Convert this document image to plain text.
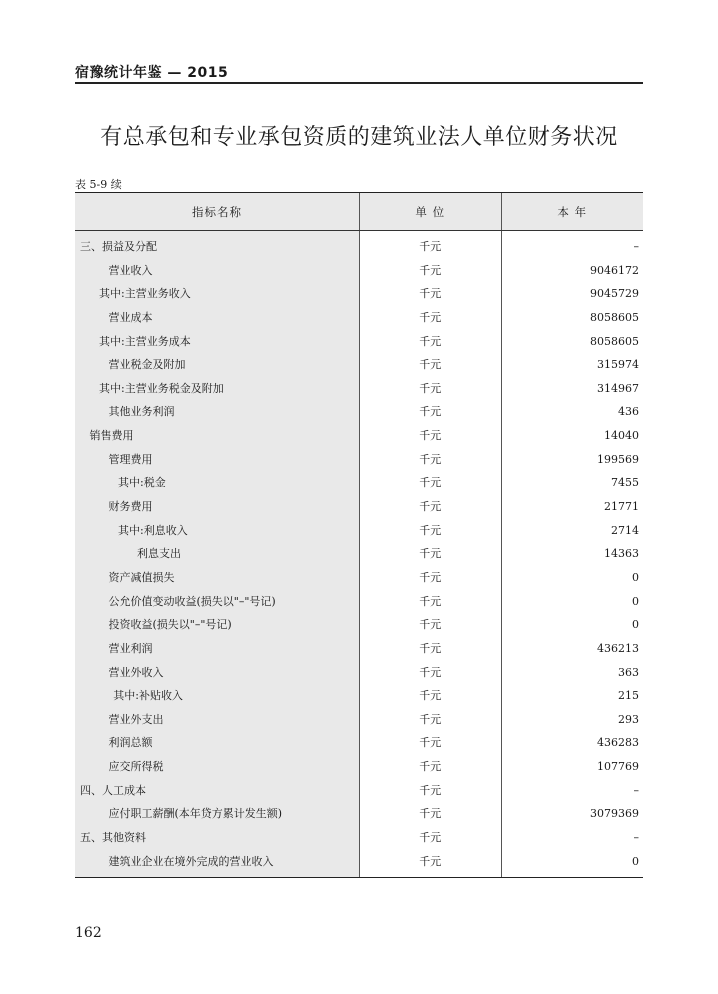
宿豫统计年鉴 — 2015
有总承包和专业承包资质的建筑业法人单位财务状况
表 5-9 续
指标名称	单 位	本 年
三、损益及分配
营业收入
其中:主营业务收入
营业成本
其中:主营业务成本
营业税金及附加
其中:主营业务税金及附加
其他业务利润
销售费用
管理费用
其中:税金
财务费用
其中:利息收入
利息支出
资产减值损失
公允价值变动收益(损失以"–"号记)
投资收益(损失以"–"号记)
营业利润
营业外收入
其中:补贴收入
营业外支出
利润总额
应交所得税
四、人工成本
应付职工薪酬(本年贷方累计发生额)
五、其他资料
建筑业企业在境外完成的营业收入
千元
千元
千元
千元
千元
千元
千元
千元
千元
千元
千元
千元
千元
千元
千元
千元
千元
千元
千元
千元
千元
千元
千元
千元
千元
千元
千元
–
9046172
9045729
8058605
8058605
315974
314967
436
14040
199569
7455
21771
2714
14363
0
0
0
436213
363
215
293
436283
107769
–
3079369
–
0
162
